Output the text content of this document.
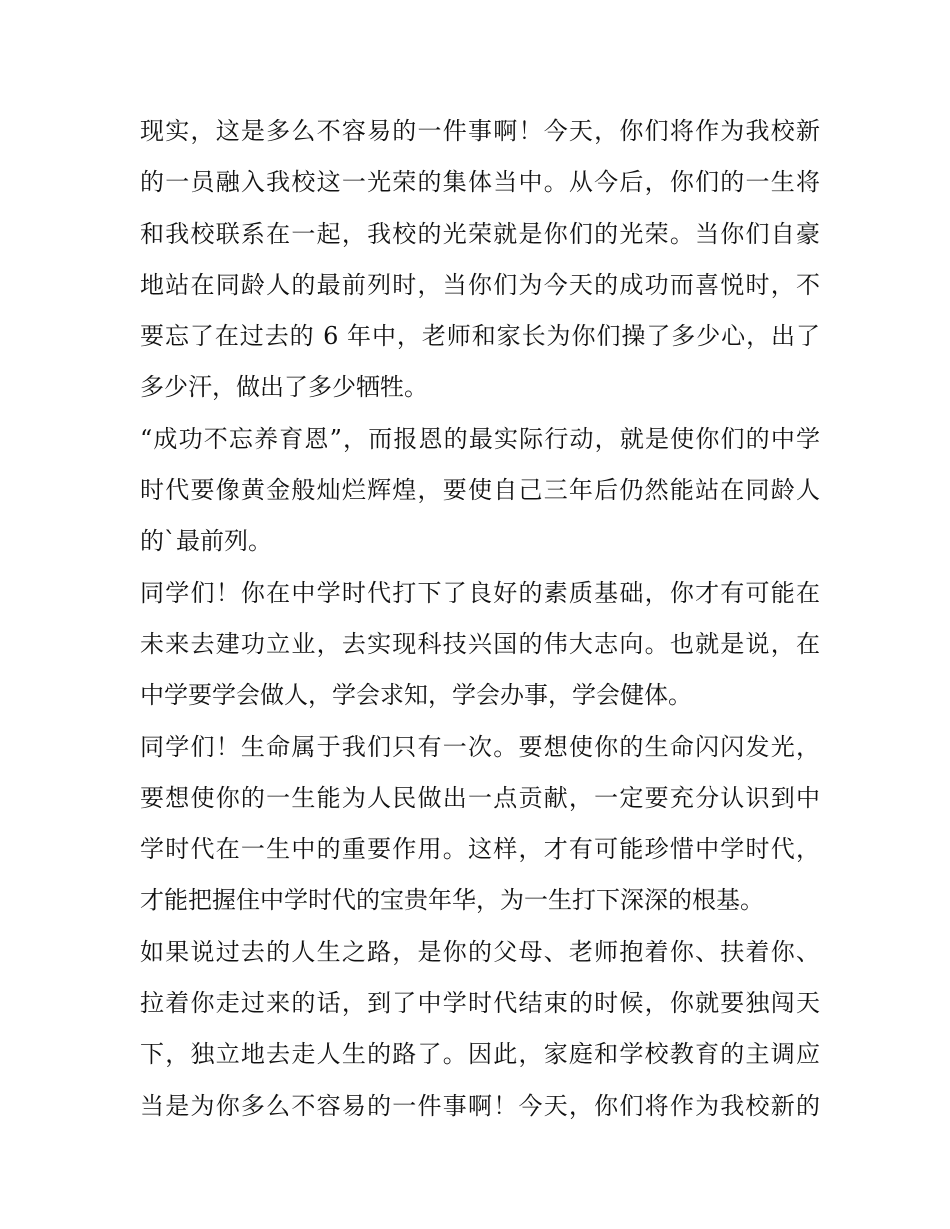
现实，这是多么不容易的一件事啊！今天，你们将作为我校新
的一员融入我校这一光荣的集体当中。从今后，你们的一生将
和我校联系在一起，我校的光荣就是你们的光荣。当你们自豪
地站在同龄人的最前列时，当你们为今天的成功而喜悦时，不
要忘了在过去的 6 年中，老师和家长为你们操了多少心，出了
多少汗，做出了多少牺牲。
“成功不忘养育恩”，而报恩的最实际行动，就是使你们的中学
时代要像黄金般灿烂辉煌，要使自己三年后仍然能站在同龄人
的`最前列。
同学们！你在中学时代打下了良好的素质基础，你才有可能在
未来去建功立业，去实现科技兴国的伟大志向。也就是说，在
中学要学会做人，学会求知，学会办事，学会健体。
同学们！生命属于我们只有一次。要想使你的生命闪闪发光，
要想使你的一生能为人民做出一点贡献，一定要充分认识到中
学时代在一生中的重要作用。这样，才有可能珍惜中学时代，
才能把握住中学时代的宝贵年华，为一生打下深深的根基。
如果说过去的人生之路，是你的父母、老师抱着你、扶着你、
拉着你走过来的话，到了中学时代结束的时候，你就要独闯天
下，独立地去走人生的路了。因此，家庭和学校教育的主调应
当是为你多么不容易的一件事啊！今天，你们将作为我校新的
